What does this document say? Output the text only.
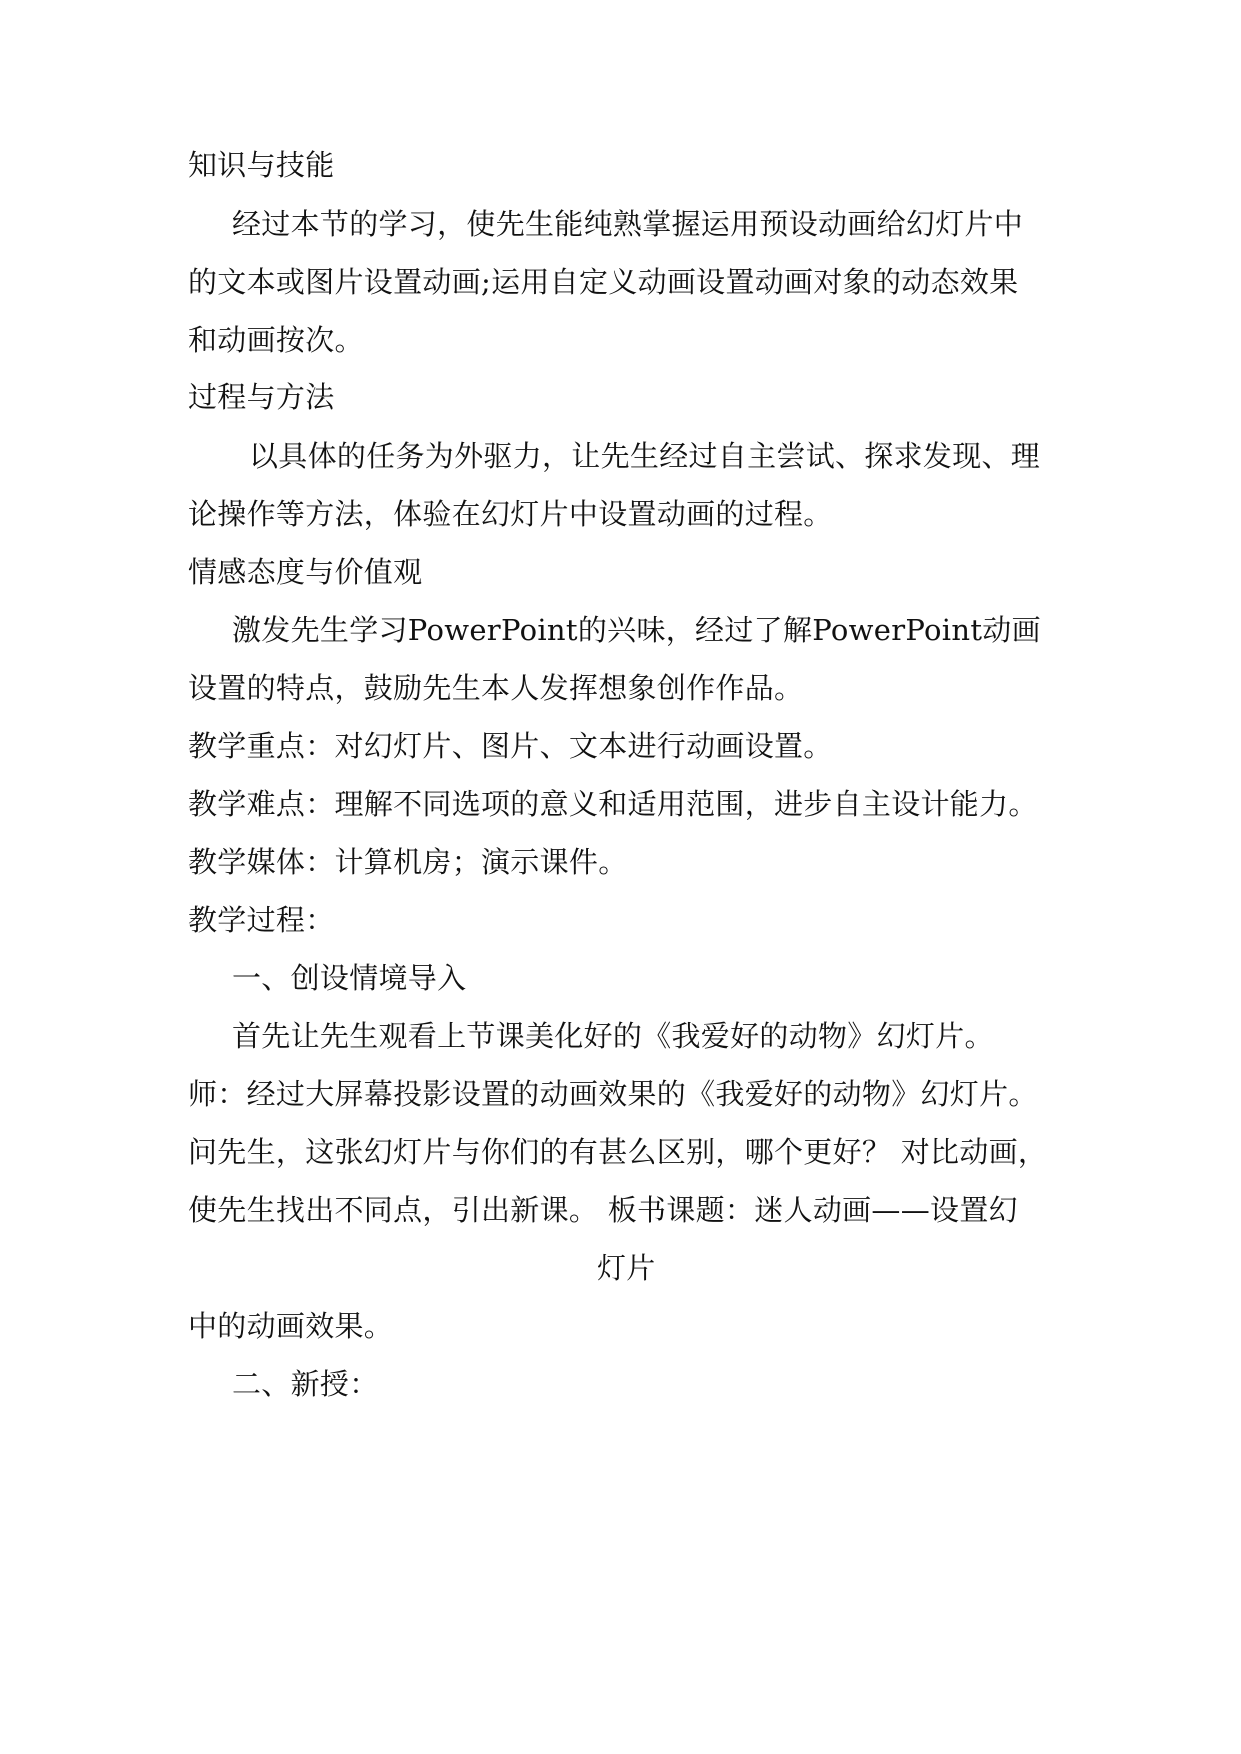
知识与技能
经过本节的学习，使先生能纯熟掌握运用预设动画给幻灯片中
的文本或图片设置动画;运用自定义动画设置动画对象的动态效果
和动画按次。
过程与方法
以具体的任务为外驱力，让先生经过自主尝试、探求发现、理
论操作等方法，体验在幻灯片中设置动画的过程。
情感态度与价值观
激发先生学习PowerPoint的兴味，经过了解PowerPoint动画
设置的特点，鼓励先生本人发挥想象创作作品。
教学重点：对幻灯片、图片、文本进行动画设置。
教学难点：理解不同选项的意义和适用范围，进步自主设计能力。
教学媒体：计算机房；演示课件。
教学过程：
一、创设情境导入
首先让先生观看上节课美化好的《我爱好的动物》幻灯片。
师：经过大屏幕投影设置的动画效果的《我爱好的动物》幻灯片。
问先生，这张幻灯片与你们的有甚么区别，哪个更好？ 对比动画，
使先生找出不同点，引出新课。 板书课题：迷人动画——设置幻
灯片
中的动画效果。
二、新授：
